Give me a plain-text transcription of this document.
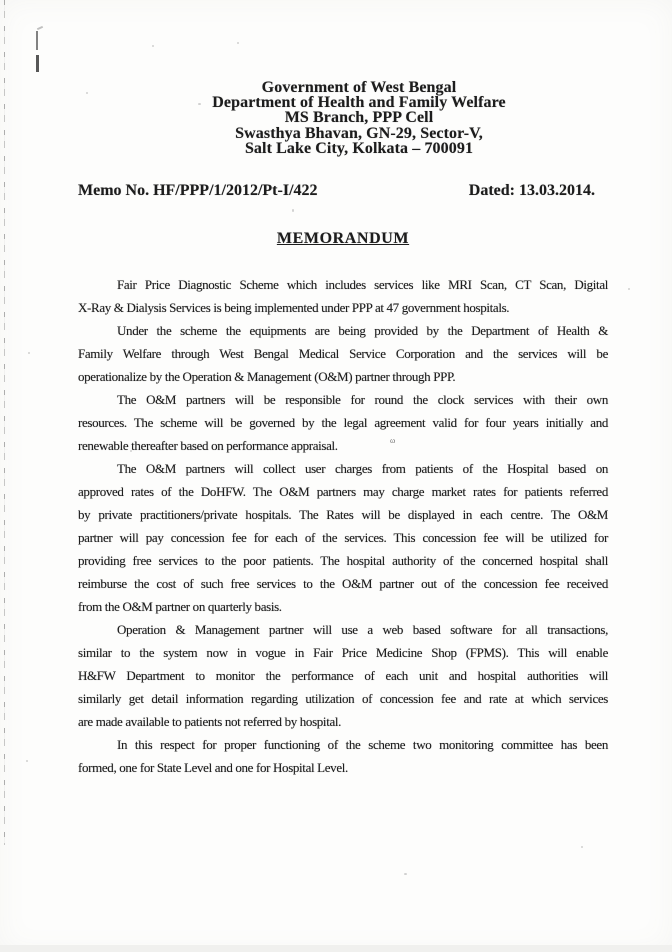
ω
Government of West Bengal
Department of Health and Family Welfare
MS Branch, PPP Cell
Swasthya Bhavan, GN-29, Sector-V,
Salt Lake City, Kolkata – 700091
Memo No. HF/PPP/1/2012/Pt-I/422	Dated: 13.03.2014.
MEMORANDUM
Fair Price Diagnostic Scheme which includes services like MRI Scan, CT Scan, Digital
X-Ray & Dialysis Services is being implemented under PPP at 47 government hospitals.
Under the scheme the equipments are being provided by the Department of Health &
Family Welfare through West Bengal Medical Service Corporation and the services will be
operationalize by the Operation & Management (O&M) partner through PPP.
The O&M partners will be responsible for round the clock services with their own
resources. The scheme will be governed by the legal agreement valid for four years initially and
renewable thereafter based on performance appraisal.
The O&M partners will collect user charges from patients of the Hospital based on
approved rates of the DoHFW. The O&M partners may charge market rates for patients referred
by private practitioners/private hospitals. The Rates will be displayed in each centre. The O&M
partner will pay concession fee for each of the services. This concession fee will be utilized for
providing free services to the poor patients. The hospital authority of the concerned hospital shall
reimburse the cost of such free services to the O&M partner out of the concession fee received
from the O&M partner on quarterly basis.
Operation & Management partner will use a web based software for all transactions,
similar to the system now in vogue in Fair Price Medicine Shop (FPMS). This will enable
H&FW Department to monitor the performance of each unit and hospital authorities will
similarly get detail information regarding utilization of concession fee and rate at which services
are made available to patients not referred by hospital.
In this respect for proper functioning of the scheme two monitoring committee has been
formed, one for State Level and one for Hospital Level.
